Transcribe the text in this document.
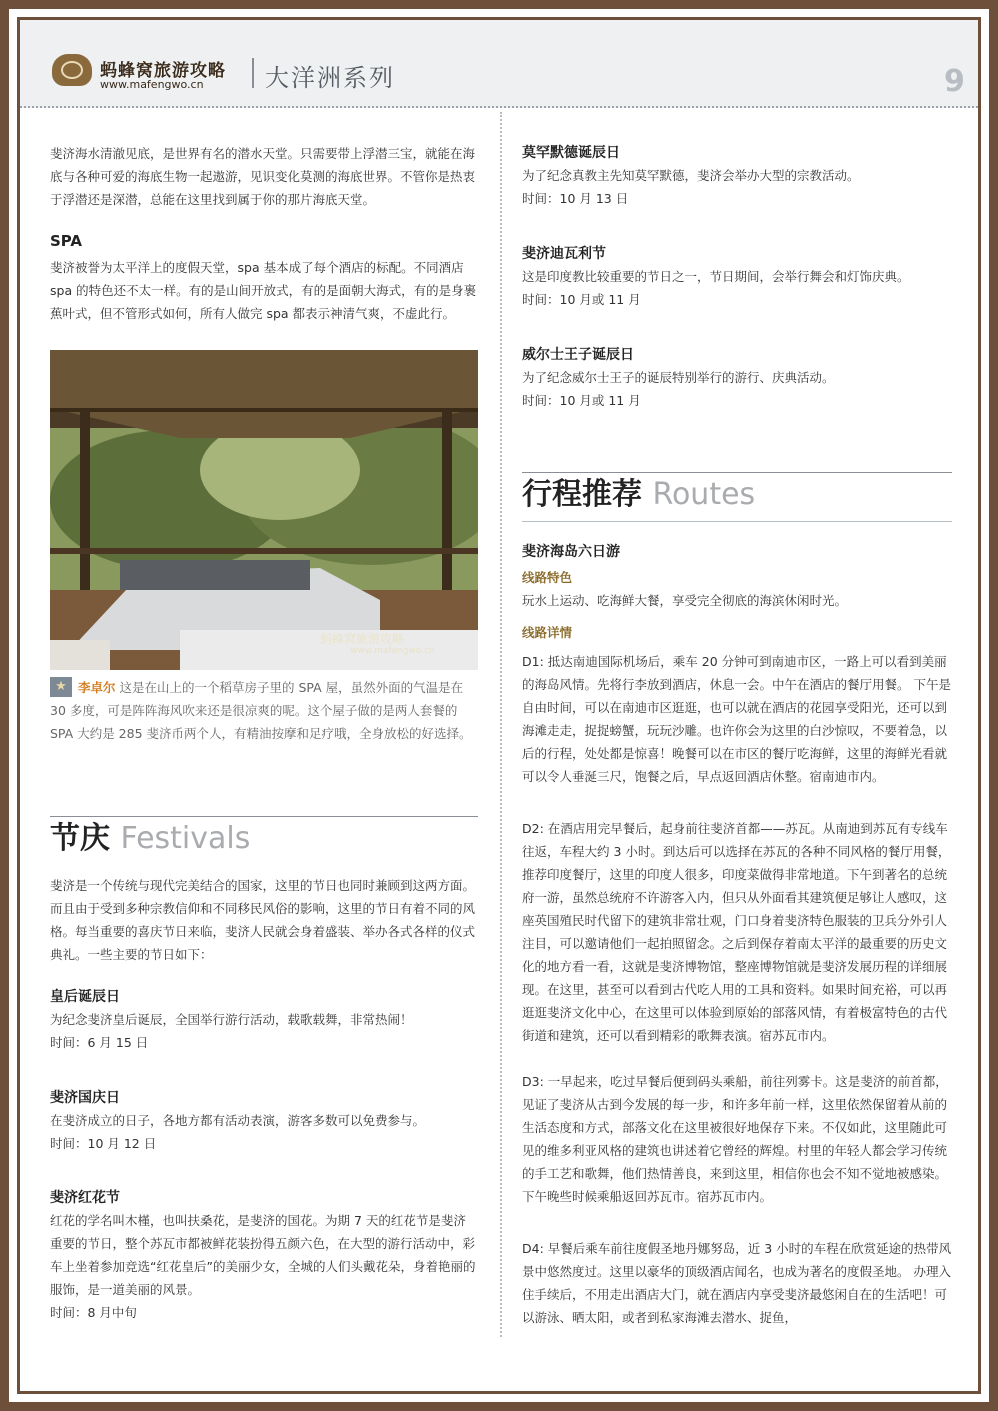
蚂蜂窝旅游攻略
www.mafengwo.cn	大洋洲系列	9

斐济海水清澈见底，是世界有名的潜水天堂。只需要带上浮潜三宝，就能在海底与各种可爱的海底生物一起遨游，见识变化莫测的海底世界。不管你是热衷于浮潜还是深潜，总能在这里找到属于你的那片海底天堂。

SPA

斐济被誉为太平洋上的度假天堂，spa 基本成了每个酒店的标配。不同酒店 spa 的特色还不太一样。有的是山间开放式，有的是面朝大海式，有的是身裹蕉叶式，但不管形式如何，所有人做完 spa 都表示神清气爽，不虚此行。

蚂蜂窝旅游攻略
www.mafengwo.cn
★ 李卓尔 这是在山上的一个稻草房子里的 SPA 屋，虽然外面的气温是在 30 多度，可是阵阵海风吹来还是很凉爽的呢。这个屋子做的是两人套餐的 SPA 大约是 285 斐济币两个人，有精油按摩和足疗哦，全身放松的好选择。

节庆 Festivals

斐济是一个传统与现代完美结合的国家，这里的节日也同时兼顾到这两方面。而且由于受到多种宗教信仰和不同移民风俗的影响，这里的节日有着不同的风格。每当重要的喜庆节日来临，斐济人民就会身着盛装、举办各式各样的仪式典礼。一些主要的节日如下：

皇后诞辰日

为纪念斐济皇后诞辰，全国举行游行活动，载歌载舞，非常热闹！

时间：6 月 15 日

斐济国庆日

在斐济成立的日子，各地方都有活动表演，游客多数可以免费参与。

时间：10 月 12 日

斐济红花节

红花的学名叫木槿，也叫扶桑花，是斐济的国花。为期 7 天的红花节是斐济重要的节日，整个苏瓦市都被鲜花装扮得五颜六色，在大型的游行活动中，彩车上坐着参加竞选“红花皇后”的美丽少女，全城的人们头戴花朵，身着艳丽的服饰，是一道美丽的风景。

时间：8 月中旬

莫罕默德诞辰日

为了纪念真教主先知莫罕默德，斐济会举办大型的宗教活动。

时间：10 月 13 日

斐济迪瓦利节

这是印度教比较重要的节日之一，节日期间，会举行舞会和灯饰庆典。

时间：10 月或 11 月

威尔士王子诞辰日

为了纪念威尔士王子的诞辰特别举行的游行、庆典活动。

时间：10 月或 11 月

行程推荐 Routes
斐济海岛六日游
线路特色

玩水上运动、吃海鲜大餐，享受完全彻底的海滨休闲时光。

线路详情

D1: 抵达南迪国际机场后，乘车 20 分钟可到南迪市区，一路上可以看到美丽的海岛风情。先将行李放到酒店，休息一会。中午在酒店的餐厅用餐。 下午是自由时间，可以在南迪市区逛逛，也可以就在酒店的花园享受阳光，还可以到海滩走走，捉捉螃蟹，玩玩沙雕。也许你会为这里的白沙惊叹，不要着急，以后的行程，处处都是惊喜！晚餐可以在市区的餐厅吃海鲜，这里的海鲜光看就可以令人垂涎三尺，饱餐之后，早点返回酒店休整。宿南迪市内。

D2: 在酒店用完早餐后，起身前往斐济首都——苏瓦。从南迪到苏瓦有专线车往返，车程大约 3 小时。到达后可以选择在苏瓦的各种不同风格的餐厅用餐，推荐印度餐厅，这里的印度人很多，印度菜做得非常地道。下午到著名的总统府一游，虽然总统府不许游客入内，但只从外面看其建筑便足够让人感叹，这座英国殖民时代留下的建筑非常壮观，门口身着斐济特色服装的卫兵分外引人注目，可以邀请他们一起拍照留念。之后到保存着南太平洋的最重要的历史文化的地方看一看，这就是斐济博物馆，整座博物馆就是斐济发展历程的详细展现。在这里，甚至可以看到古代吃人用的工具和资料。如果时间充裕，可以再逛逛斐济文化中心，在这里可以体验到原始的部落风情，有着极富特色的古代街道和建筑，还可以看到精彩的歌舞表演。宿苏瓦市内。

D3: 一早起来，吃过早餐后便到码头乘船，前往列雾卡。这是斐济的前首都，见证了斐济从古到今发展的每一步，和许多年前一样，这里依然保留着从前的生活态度和方式，部落文化在这里被很好地保存下来。不仅如此，这里随此可见的维多利亚风格的建筑也讲述着它曾经的辉煌。村里的年轻人都会学习传统的手工艺和歌舞，他们热情善良，来到这里，相信你也会不知不觉地被感染。下午晚些时候乘船返回苏瓦市。宿苏瓦市内。

D4: 早餐后乘车前往度假圣地丹娜努岛，近 3 小时的车程在欣赏延途的热带风景中悠然度过。这里以豪华的顶级酒店闻名，也成为著名的度假圣地。 办理入住手续后，不用走出酒店大门，就在酒店内享受斐济最悠闲自在的生活吧！可以游泳、晒太阳，或者到私家海滩去潜水、捉鱼，
